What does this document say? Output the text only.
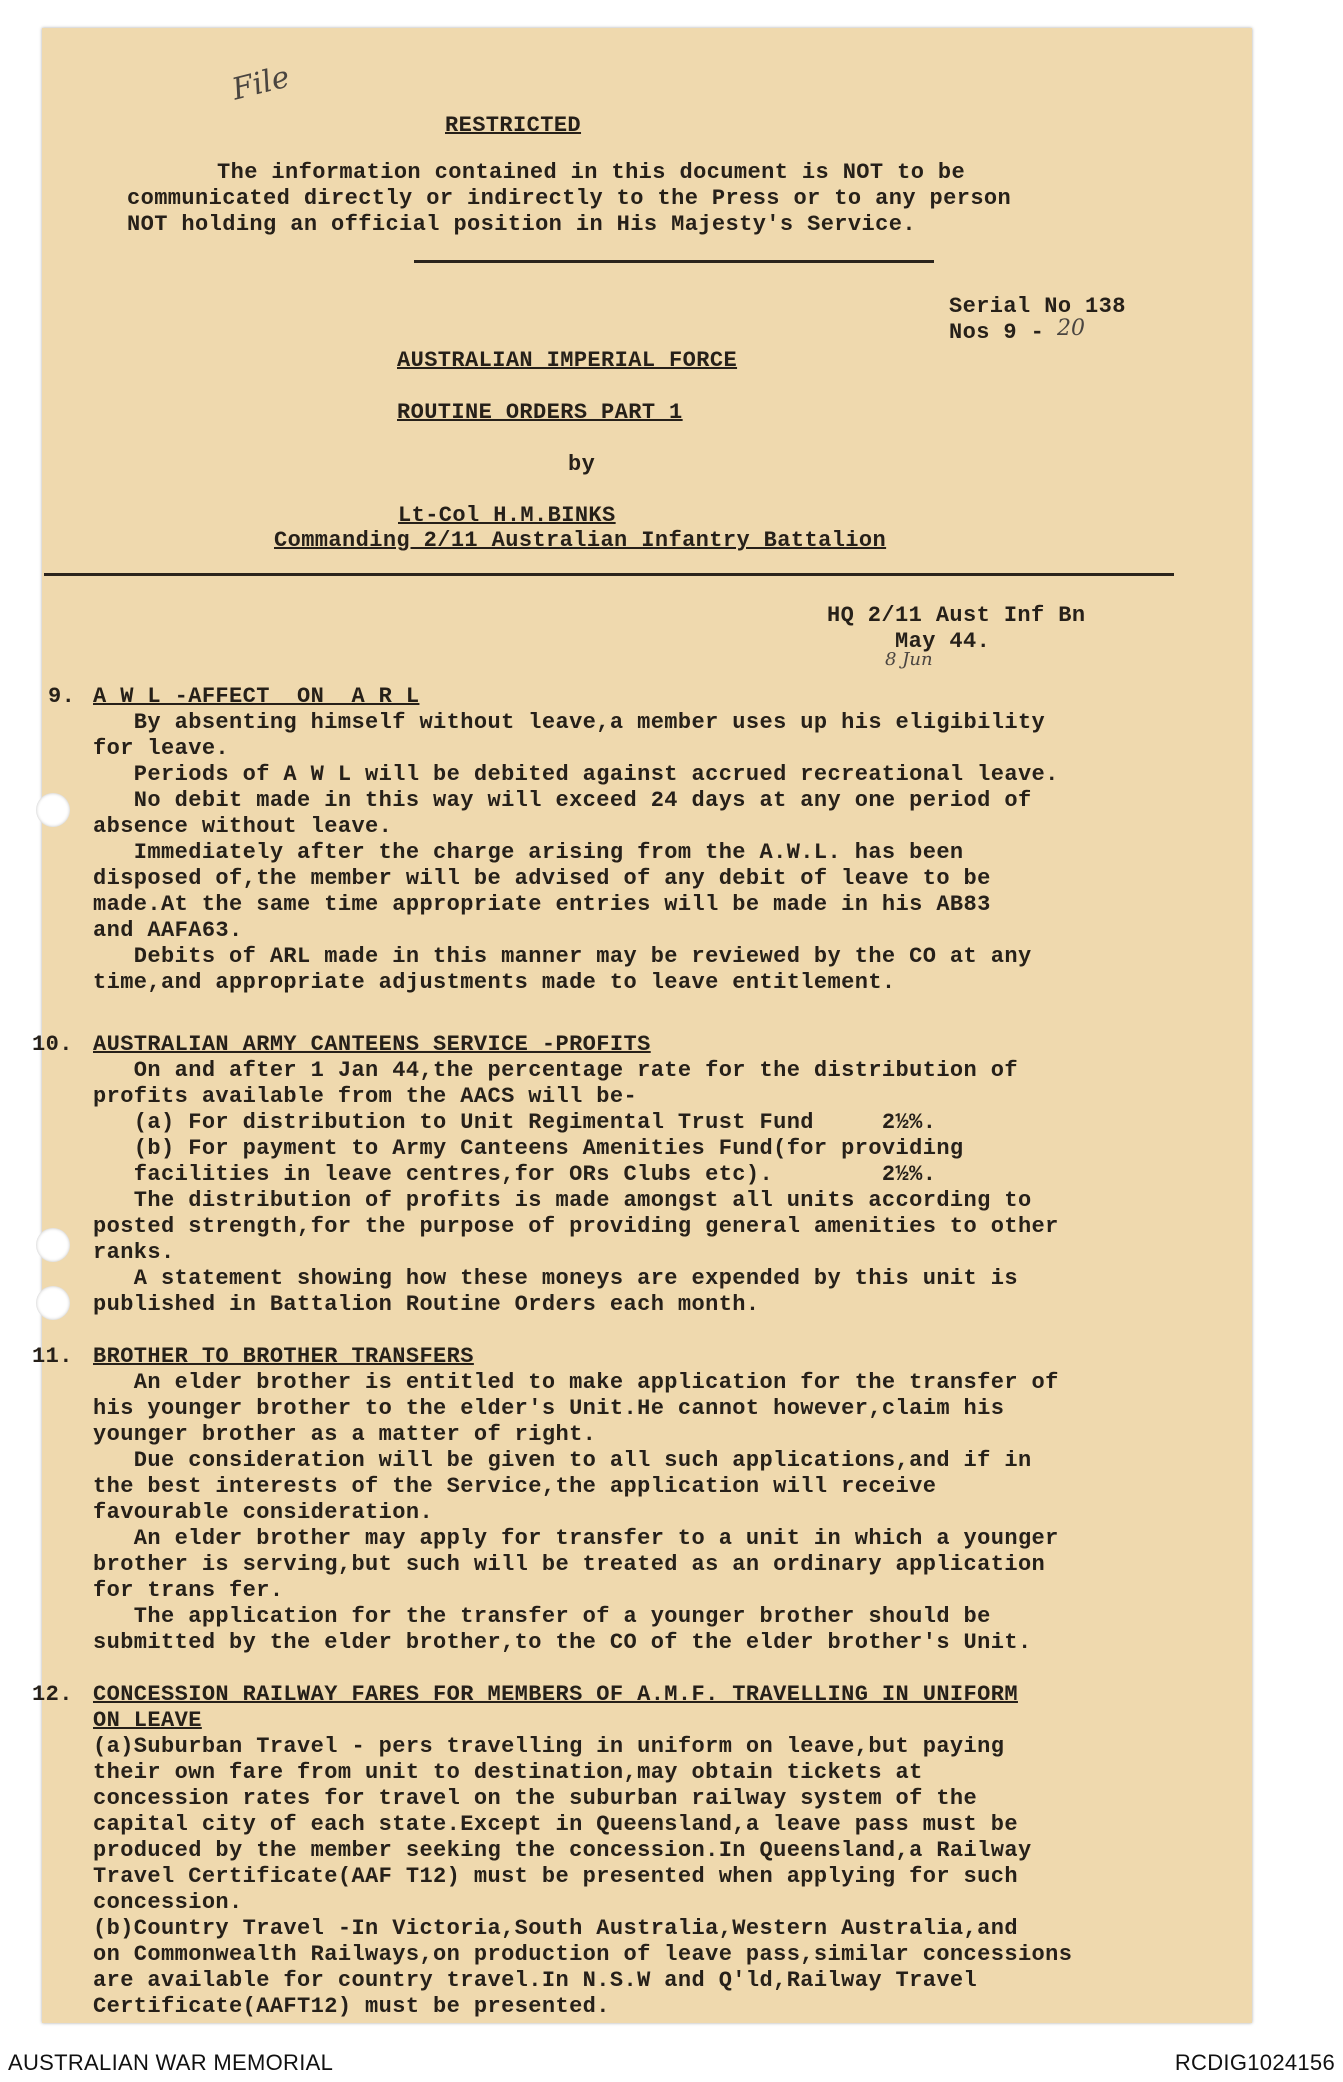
File
RESTRICTED
The information contained in this document is NOT to be
communicated directly or indirectly to the Press or to any person
NOT holding an official position in His Majesty's Service.
Serial No 138
Nos 9 - 20
AUSTRALIAN IMPERIAL FORCE
ROUTINE ORDERS PART 1
by
Lt-Col H.M.BINKS
Commanding 2/11 Australian Infantry Battalion
HQ 2/11 Aust Inf Bn
May 44.
8 Jun
9. A W L -AFFECT  ON  A R L
By absenting himself without leave,a member uses up his eligibility
for leave.
Periods of A W L will be debited against accrued recreational leave.
No debit made in this way will exceed 24 days at any one period of
absence without leave.
Immediately after the charge arising from the A.W.L. has been
disposed of,the member will be advised of any debit of leave to be
made.At the same time appropriate entries will be made in his AB83
and AAFA63.
Debits of ARL made in this manner may be reviewed by the CO at any
time,and appropriate adjustments made to leave entitlement.
10. AUSTRALIAN ARMY CANTEENS SERVICE -PROFITS
On and after 1 Jan 44,the percentage rate for the distribution of
profits available from the AACS will be-
(a) For distribution to Unit Regimental Trust Fund     2½%.
(b) For payment to Army Canteens Amenities Fund(for providing
facilities in leave centres,for ORs Clubs etc).        2½%.
The distribution of profits is made amongst all units according to
posted strength,for the purpose of providing general amenities to other
ranks.
A statement showing how these moneys are expended by this unit is
published in Battalion Routine Orders each month.
11. BROTHER TO BROTHER TRANSFERS
An elder brother is entitled to make application for the transfer of
his younger brother to the elder's Unit.He cannot however,claim his
younger brother as a matter of right.
Due consideration will be given to all such applications,and if in
the best interests of the Service,the application will receive
favourable consideration.
An elder brother may apply for transfer to a unit in which a younger
brother is serving,but such will be treated as an ordinary application
for trans fer.
The application for the transfer of a younger brother should be
submitted by the elder brother,to the CO of the elder brother's Unit.
12. CONCESSION RAILWAY FARES FOR MEMBERS OF A.M.F. TRAVELLING IN UNIFORM
ON LEAVE
(a)Suburban Travel - pers travelling in uniform on leave,but paying
their own fare from unit to destination,may obtain tickets at
concession rates for travel on the suburban railway system of the
capital city of each state.Except in Queensland,a leave pass must be
produced by the member seeking the concession.In Queensland,a Railway
Travel Certificate(AAF T12) must be presented when applying for such
concession.
(b)Country Travel -In Victoria,South Australia,Western Australia,and
on Commonwealth Railways,on production of leave pass,similar concessions
are available for country travel.In N.S.W and Q'ld,Railway Travel
Certificate(AAFT12) must be presented.
AUSTRALIAN WAR MEMORIAL	RCDIG1024156
